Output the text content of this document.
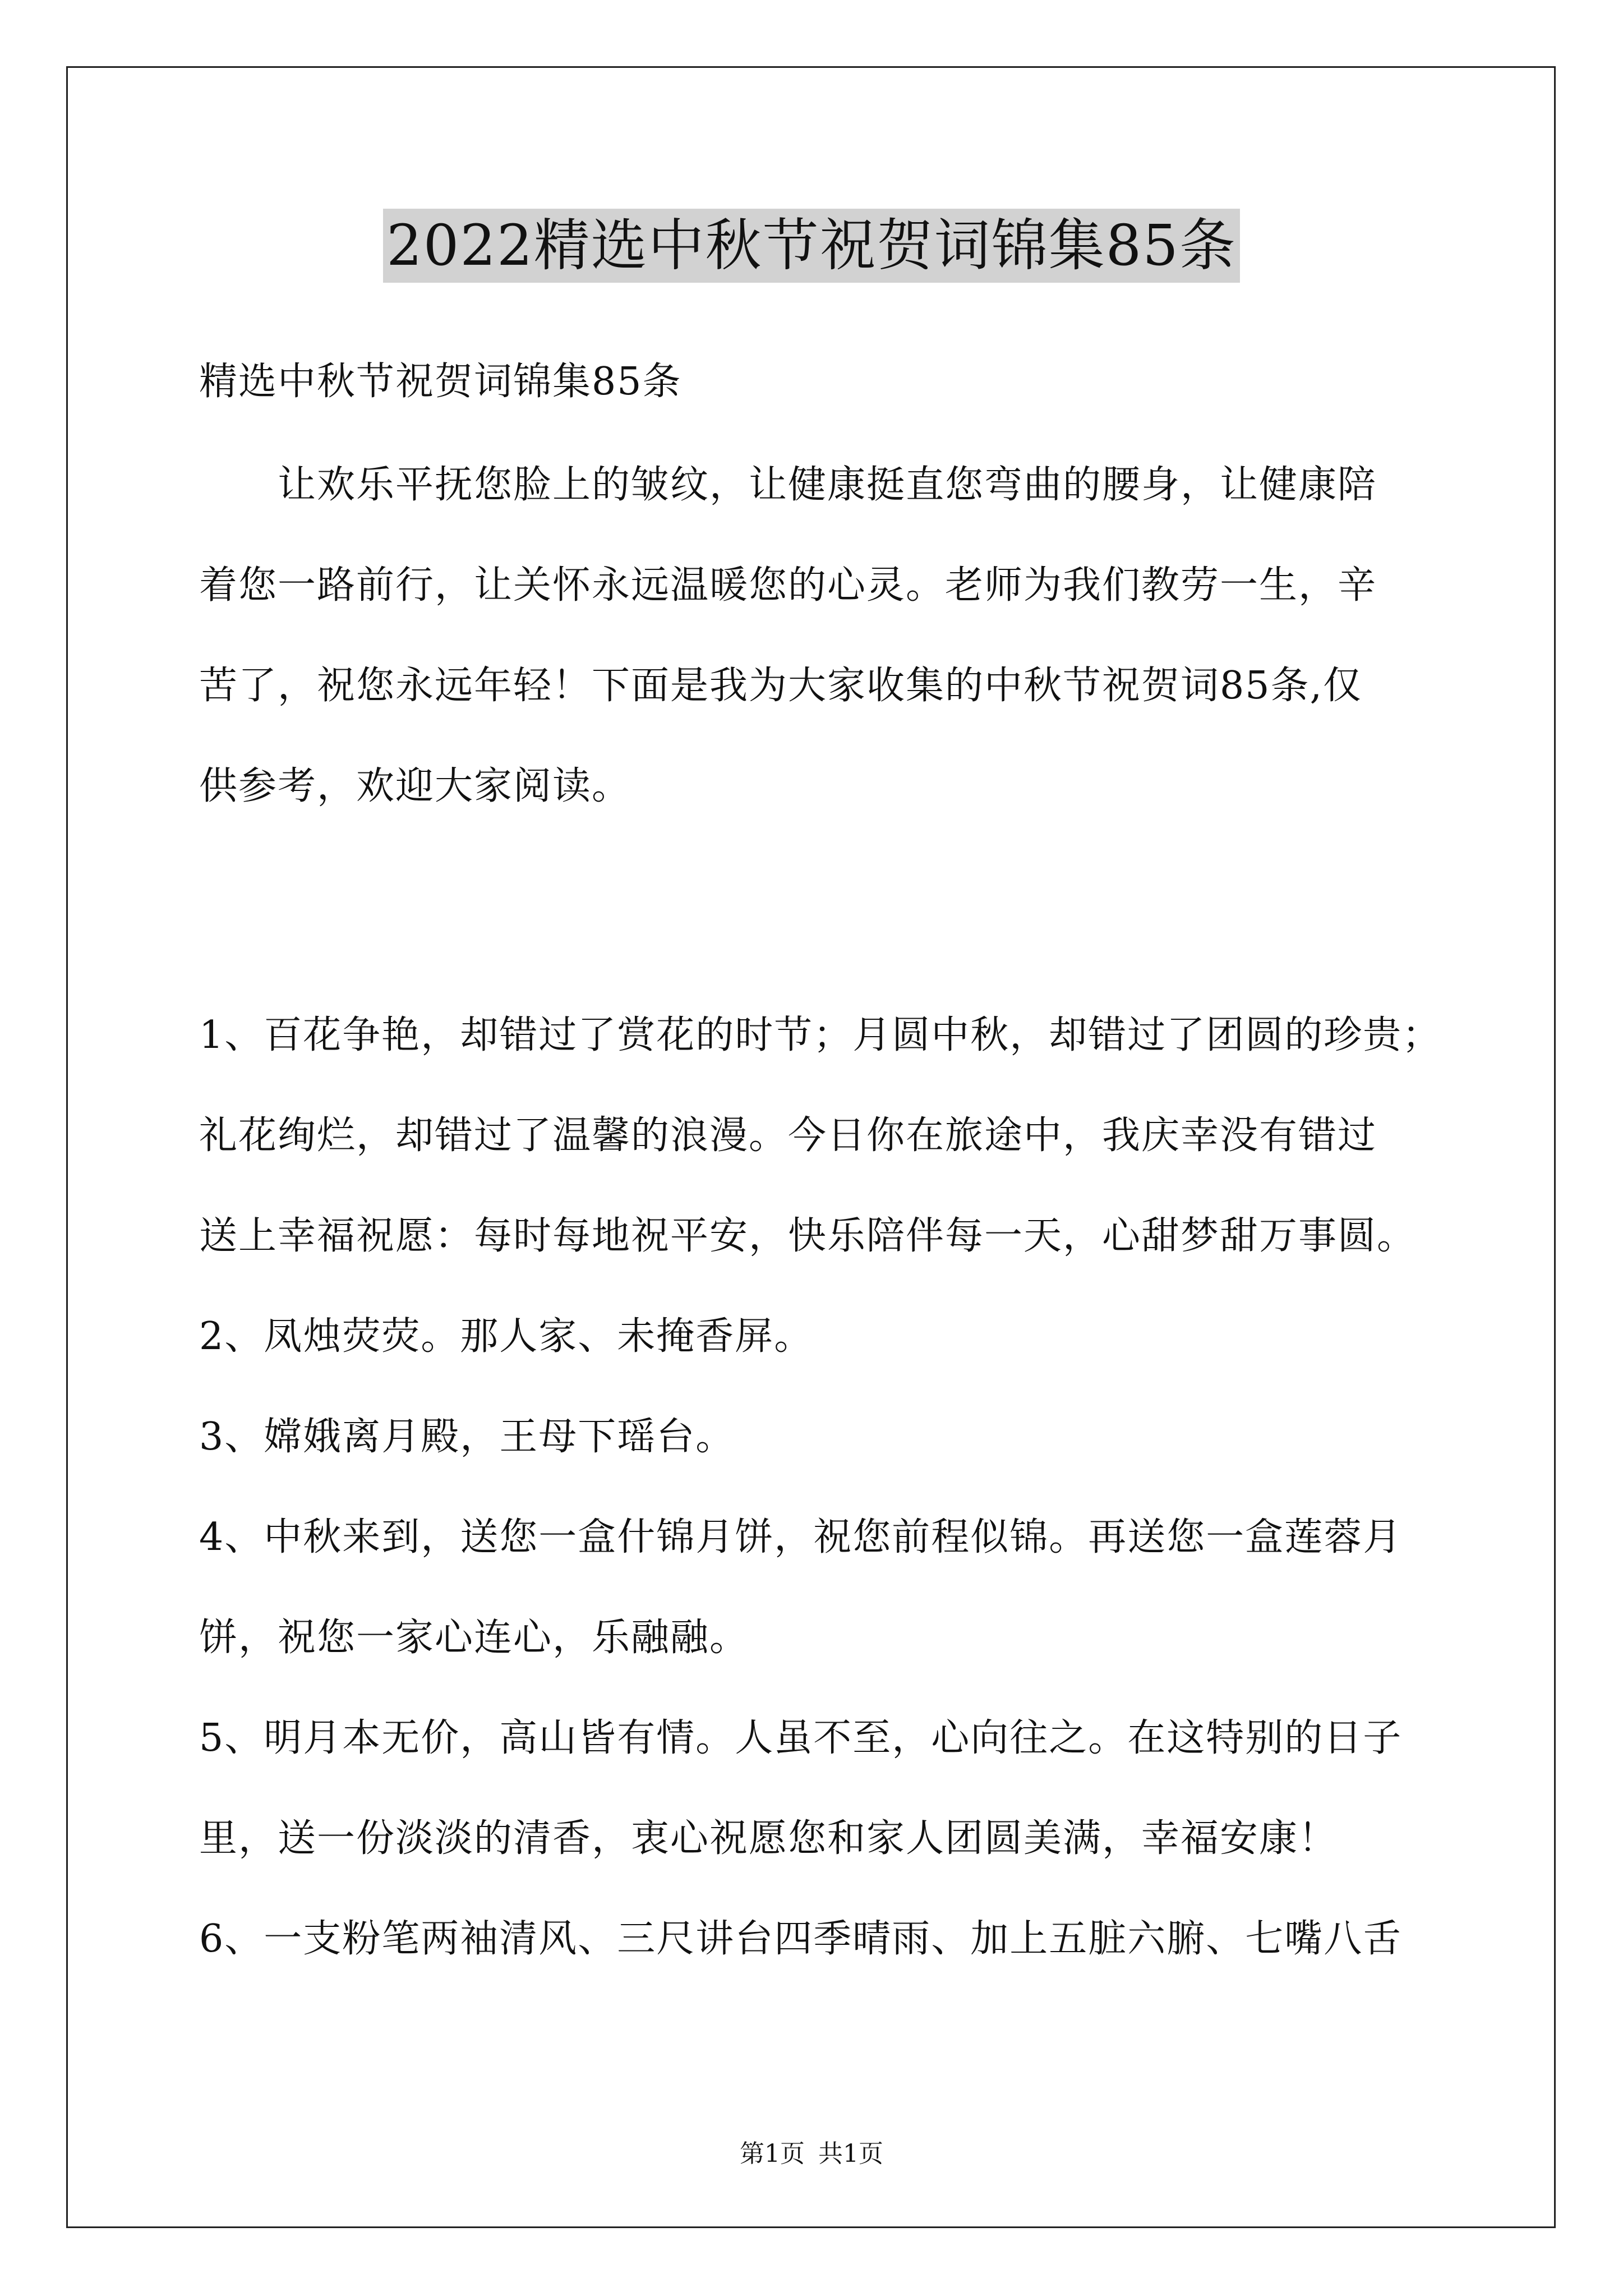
2022精选中秋节祝贺词锦集85条
精选中秋节祝贺词锦集85条
　　让欢乐平抚您脸上的皱纹，让健康挺直您弯曲的腰身，让健康陪
着您一路前行，让关怀永远温暖您的心灵。老师为我们教劳一生，辛
苦了，祝您永远年轻！下面是我为大家收集的中秋节祝贺词85条,仅
供参考，欢迎大家阅读。
1、百花争艳，却错过了赏花的时节；月圆中秋，却错过了团圆的珍贵；
礼花绚烂，却错过了温馨的浪漫。今日你在旅途中，我庆幸没有错过
送上幸福祝愿：每时每地祝平安，快乐陪伴每一天，心甜梦甜万事圆。
2、凤烛荧荧。那人家、未掩香屏。
3、嫦娥离月殿，王母下瑶台。
4、中秋来到，送您一盒什锦月饼，祝您前程似锦。再送您一盒莲蓉月
饼，祝您一家心连心，乐融融。
5、明月本无价，高山皆有情。人虽不至，心向往之。在这特别的日子
里，送一份淡淡的清香，衷心祝愿您和家人团圆美满，幸福安康！
6、一支粉笔两袖清风、三尺讲台四季晴雨、加上五脏六腑、七嘴八舌
第1页 共1页
